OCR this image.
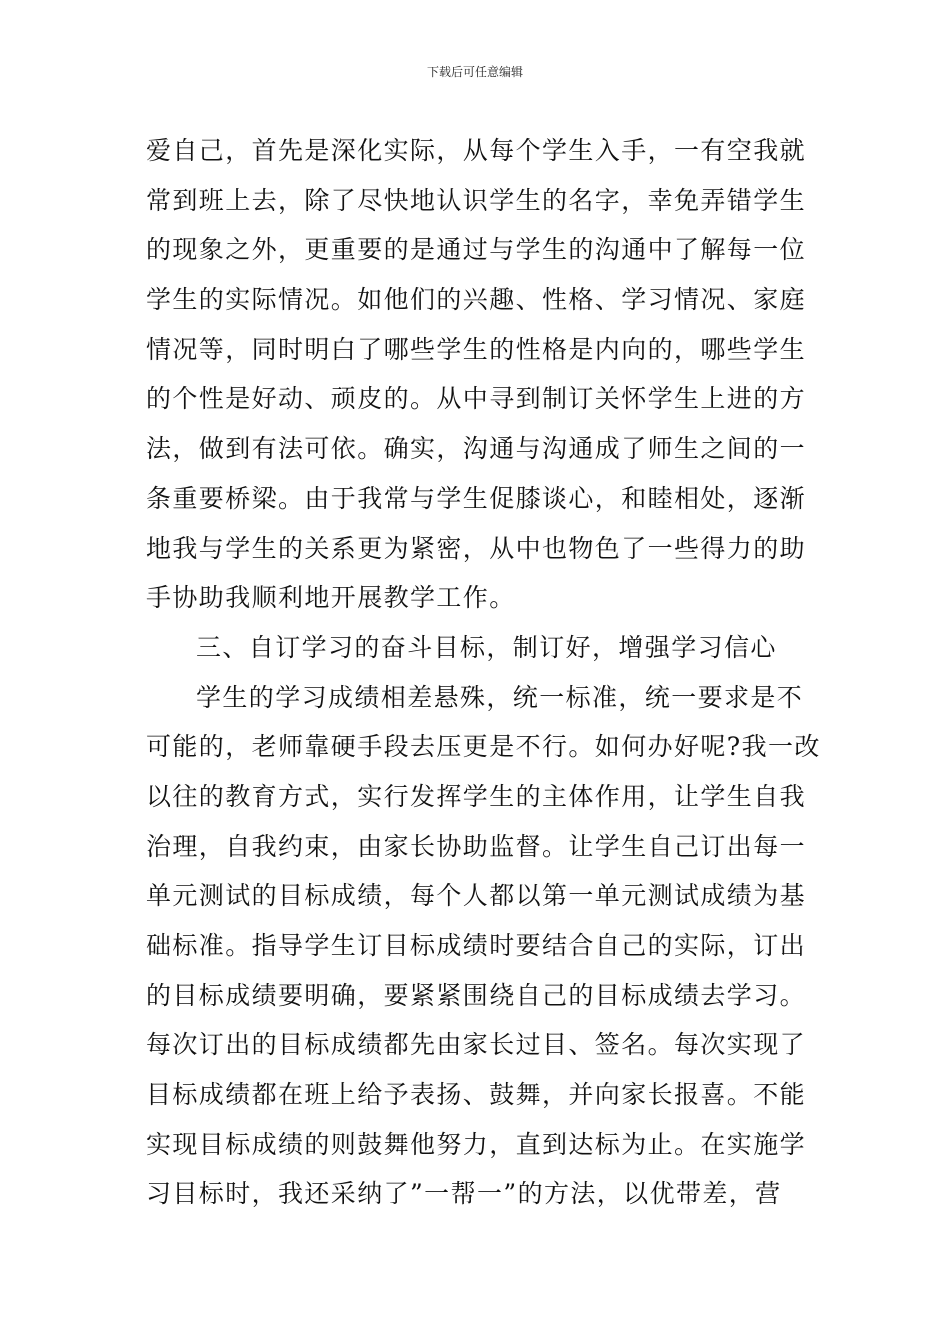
下载后可任意编辑
爱自己，首先是深化实际，从每个学生入手，一有空我就
常到班上去，除了尽快地认识学生的名字，幸免弄错学生
的现象之外，更重要的是通过与学生的沟通中了解每一位
学生的实际情况。如他们的兴趣、性格、学习情况、家庭
情况等，同时明白了哪些学生的性格是内向的，哪些学生
的个性是好动、顽皮的。从中寻到制订关怀学生上进的方
法，做到有法可依。确实，沟通与沟通成了师生之间的一
条重要桥梁。由于我常与学生促膝谈心，和睦相处，逐渐
地我与学生的关系更为紧密，从中也物色了一些得力的助
手协助我顺利地开展教学工作。
三、自订学习的奋斗目标，制订好，增强学习信心
学生的学习成绩相差悬殊，统一标准，统一要求是不
可能的，老师靠硬手段去压更是不行。如何办好呢?我一改
以往的教育方式，实行发挥学生的主体作用，让学生自我
治理，自我约束，由家长协助监督。让学生自己订出每一
单元测试的目标成绩，每个人都以第一单元测试成绩为基
础标准。指导学生订目标成绩时要结合自己的实际，订出
的目标成绩要明确，要紧紧围绕自己的目标成绩去学习。
每次订出的目标成绩都先由家长过目、签名。每次实现了
目标成绩都在班上给予表扬、鼓舞，并向家长报喜。不能
实现目标成绩的则鼓舞他努力，直到达标为止。在实施学
习目标时，我还采纳了”一帮一”的方法，以优带差，营
